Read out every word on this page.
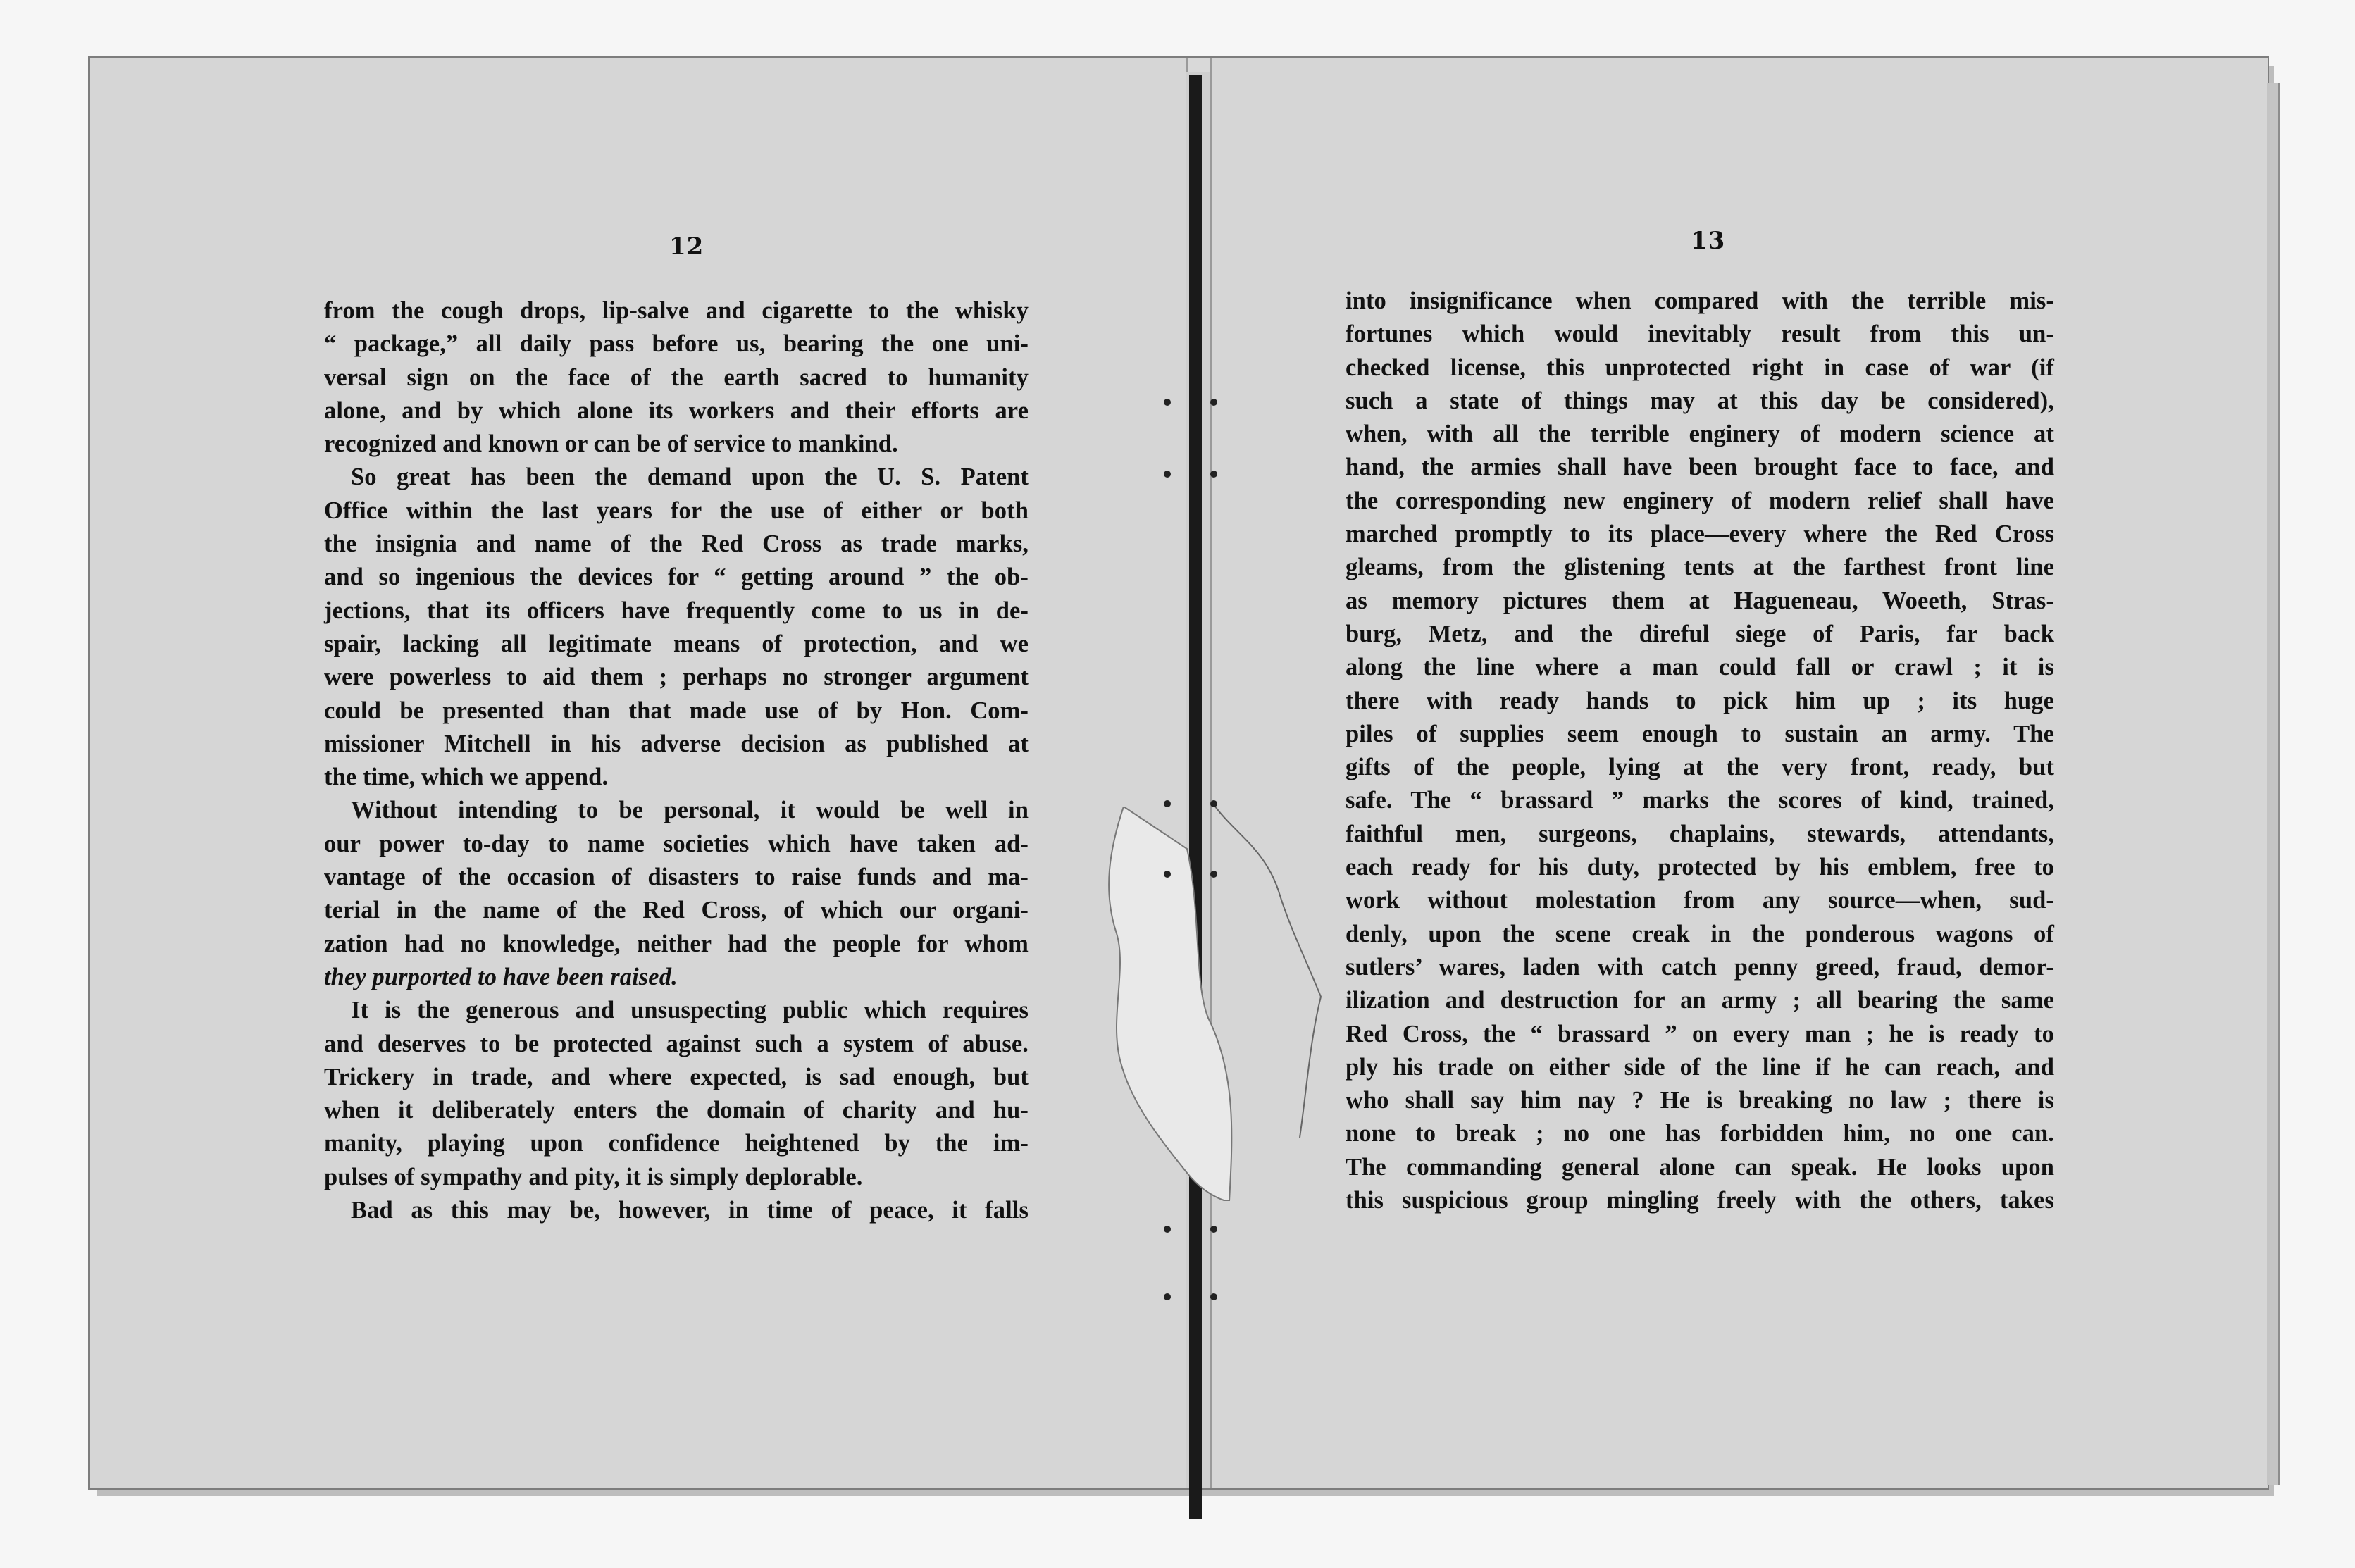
12	13
from the cough drops, lip-salve and cigarette to the whisky
“ package,” all daily pass before us, bearing the one uni-
versal sign on the face of the earth sacred to humanity
alone, and by which alone its workers and their efforts are
recognized and known or can be of service to mankind.
So great has been the demand upon the U. S. Patent
Office within the last years for the use of either or both
the insignia and name of the Red Cross as trade marks,
and so ingenious the devices for “ getting around ” the ob-
jections, that its officers have frequently come to us in de-
spair, lacking all legitimate means of protection, and we
were powerless to aid them ; perhaps no stronger argument
could be presented than that made use of by Hon. Com-
missioner Mitchell in his adverse decision as published at
the time, which we append.
Without intending to be personal, it would be well in
our power to-day to name societies which have taken ad-
vantage of the occasion of disasters to raise funds and ma-
terial in the name of the Red Cross, of which our organi-
zation had no knowledge, neither had the people for whom
they purported to have been raised.
It is the generous and unsuspecting public which requires
and deserves to be protected against such a system of abuse.
Trickery in trade, and where expected, is sad enough, but
when it deliberately enters the domain of charity and hu-
manity, playing upon confidence heightened by the im-
pulses of sympathy and pity, it is simply deplorable.
Bad as this may be, however, in time of peace, it falls
into insignificance when compared with the terrible mis-
fortunes which would inevitably result from this un-
checked license, this unprotected right in case of war (if
such a state of things may at this day be considered),
when, with all the terrible enginery of modern science at
hand, the armies shall have been brought face to face, and
the corresponding new enginery of modern relief shall have
marched promptly to its place—every where the Red Cross
gleams, from the glistening tents at the farthest front line
as memory pictures them at Hagueneau, Woeeth, Stras-
burg, Metz, and the direful siege of Paris, far back
along the line where a man could fall or crawl ; it is
there with ready hands to pick him up ; its huge
piles of supplies seem enough to sustain an army. The
gifts of the people, lying at the very front, ready, but
safe. The “ brassard ” marks the scores of kind, trained,
faithful men, surgeons, chaplains, stewards, attendants,
each ready for his duty, protected by his emblem, free to
work without molestation from any source—when, sud-
denly, upon the scene creak in the ponderous wagons of
sutlers’ wares, laden with catch penny greed, fraud, demor-
ilization and destruction for an army ; all bearing the same
Red Cross, the “ brassard ” on every man ; he is ready to
ply his trade on either side of the line if he can reach, and
who shall say him nay ? He is breaking no law ; there is
none to break ; no one has forbidden him, no one can.
The commanding general alone can speak. He looks upon
this suspicious group mingling freely with the others, takes
